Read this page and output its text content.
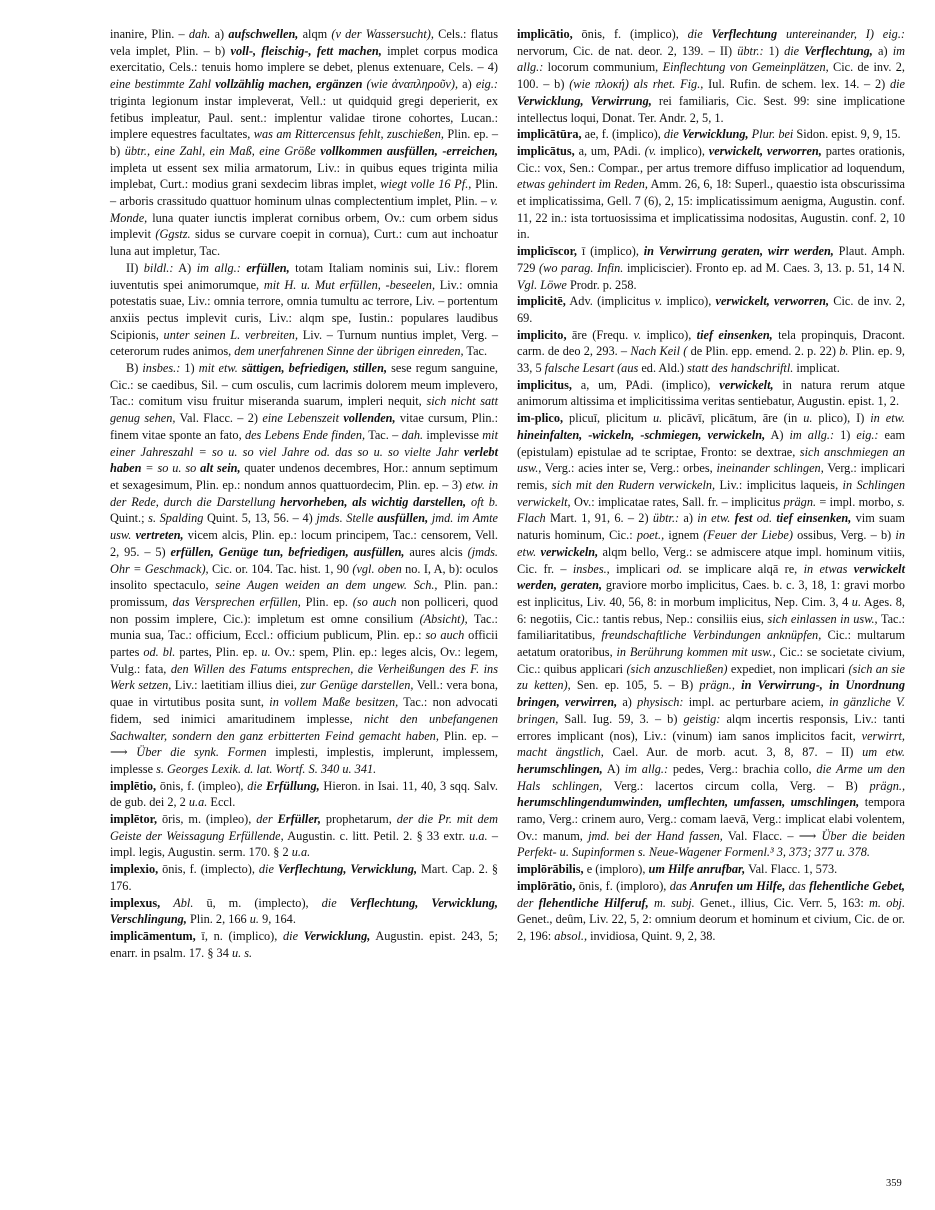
inanire, Plin. – dah. a) aufschwellen, alqm (v der Wassersucht), Cels.: flatus vela implet, Plin. – b) voll-, fleischig-, fett machen, implet corpus modica exercitatio, Cels.: tenuis homo implere se debet, plenus extenuare, Cels. – 4) eine bestimmte Zahl vollzählig machen, ergänzen (wie ἀναπληροῦν), a) eig.: triginta legionum instar impleverat, Vell.: ut quidquid gregi deperierit, ex fetibus impleatur, Paul. sent.: implentur validae tirone cohortes, Lucan.: implere equestres facultates, was am Rittercensus fehlt, zuschießen, Plin. ep. – b) übtr., eine Zahl, ein Maß, eine Größe vollkommen ausfüllen, -erreichen, impleta ut essent sex milia armatorum, Liv.: in quibus eques triginta milia implebat, Curt.: modius grani sexdecim libras implet, wiegt volle 16 Pf., Plin. – arboris crassitudo quattuor hominum ulnas complectentium implet, Plin. – v. Monde, luna quater iunctis implerat cornibus orbem, Ov.: cum orbem sidus implevit (Ggstz. sidus se curvare coepit in cornua), Curt.: cum aut inchoatur luna aut impletur, Tac.

II) bildl.: A) im allg.: erfüllen, totam Italiam nominis sui, Liv.: florem iuventutis spei animorumque, mit H. u. Mut erfüllen, -beseelen, Liv.: omnia potestatis suae, Liv.: omnia terrore, omnia tumultu ac terrore, Liv. – portentum anxiis pectus implevit curis, Liv.: alqm spe, Iustin.: populares laudibus Scipionis, unter seinen L. verbreiten, Liv. – Turnum nuntius implet, Verg. – ceterorum rudes animos, dem unerfahrenen Sinne der übrigen einreden, Tac.

B) insbes.: 1) mit etw. sättigen, befriedigen, stillen, sese regum sanguine, Cic.: se caedibus, Sil. – cum osculis, cum lacrimis dolorem meum implevero, Tac.: comitum visu fruitur miseranda suarum, impleri nequit, sich nicht satt genug sehen, Val. Flacc. – 2) eine Lebenszeit vollenden, vitae cursum, Plin.: finem vitae sponte an fato, des Lebens Ende finden, Tac. – dah. implevisse mit einer Jahreszahl = so u. so viel Jahre od. das so u. so vielte Jahr verlebt haben = so u. so alt sein, quater undenos decembres, Hor.: annum septimum et sexagesimum, Plin. ep.: nondum annos quattuordecim, Plin. ep. – 3) etw. in der Rede, durch die Darstellung hervorheben, als wichtig darstellen, oft b. Quint.; s. Spalding Quint. 5, 13, 56. – 4) jmds. Stelle ausfüllen, jmd. im Amte usw. vertreten, vicem alcis, Plin. ep.: locum principem, Tac.: censorem, Vell. 2, 95. – 5) erfüllen, Genüge tun, befriedigen, ausfüllen, aures alcis (jmds. Ohr = Geschmack), Cic. or. 104. Tac. hist. 1, 90 (vgl. oben no. I, A, b): oculos insolito spectaculo, seine Augen weiden an dem ungew. Sch., Plin. pan.: promissum, das Versprechen erfüllen, Plin. ep. (so auch non polliceri, quod non possim implere, Cic.): impletum est omne consilium (Absicht), Tac.: munia sua, Tac.: officium, Eccl.: officium publicum, Plin. ep.: so auch officii partes od. bl. partes, Plin. ep. u. Ov.: spem, Plin. ep.: leges alcis, Ov.: legem, Vulg.: fata, den Willen des Fatums entsprechen, die Verheißungen des F. ins Werk setzen, Liv.: laetitiam illius diei, zur Genüge darstellen, Vell.: vera bona, quae in virtutibus posita sunt, in vollem Maße besitzen, Tac.: non advocati fidem, sed inimici amaritudinem implesse, nicht den unbefangenen Sachwalter, sondern den ganz erbitterten Feind gemacht haben, Plin. ep. – ⟶ Über die synk. Formen implesti, implestis, implerunt, implessem, implesse s. Georges Lexik. d. lat. Wortf. S. 340 u. 341.

implētio, ōnis, f. (impleo), die Erfüllung, Hieron. in Isai. 11, 40, 3 sqq. Salv. de gub. dei 2, 2 u.a. Eccl.

implētor, ōris, m. (impleo), der Erfüller, prophetarum, der die Pr. mit dem Geiste der Weissagung Erfüllende, Augustin. c. litt. Petil. 2. § 33 extr. u.a. – impl. legis, Augustin. serm. 170. § 2 u.a.

implexio, ōnis, f. (implecto), die Verflechtung, Verwicklung, Mart. Cap. 2. § 176.

implexus, Abl. ū, m. (implecto), die Verflechtung, Verwicklung, Verschlingung, Plin. 2, 166 u. 9, 164.

implicāmentum, ī, n. (implico), die Verwicklung, Augustin. epist. 243, 5; enarr. in psalm. 17. § 34 u. s.

implicātio, ōnis, f. (implico), die Verflechtung untereinander, I) eig.: nervorum, Cic. de nat. deor. 2, 139. – II) übtr.: 1) die Verflechtung, a) im allg.: locorum communium, Einflechtung von Gemeinplätzen, Cic. de inv. 2, 100. – b) (wie πλοκή) als rhet. Fig., Iul. Rufin. de schem. lex. 14. – 2) die Verwicklung, Verwirrung, rei familiaris, Cic. Sest. 99: sine implicatione intellectus loqui, Donat. Ter. Andr. 2, 5, 1.

implicātūra, ae, f. (implico), die Verwicklung, Plur. bei Sidon. epist. 9, 9, 15.

implicātus, a, um, PAdi. (v. implico), verwickelt, verworren, partes orationis, Cic.: vox, Sen.: Compar., per artus tremore diffuso implicatior ad loquendum, etwas gehindert im Reden, Amm. 26, 6, 18: Superl., quaestio ista obscurissima et implicatissima, Gell. 7 (6), 2, 15: implicatissimum aenigma, Augustin. conf. 11, 22 in.: ista tortuosissima et implicatissima nodositas, Augustin. conf. 2, 10 in.

implicīscor, ī (implico), in Verwirrung geraten, wirr werden, Plaut. Amph. 729 (wo parag. Infin. impliciscier). Fronto ep. ad M. Caes. 3, 13. p. 51, 14 N. Vgl. Löwe Prodr. p. 258.

implicitē, Adv. (implicitus v. implico), verwickelt, verworren, Cic. de inv. 2, 69.

implicito, āre (Frequ. v. implico), tief einsenken, tela propinquis, Dracont. carm. de deo 2, 293. – Nach Keil ( de Plin. epp. emend. 2. p. 22) b. Plin. ep. 9, 33, 5 falsche Lesart (aus ed. Ald.) statt des handschriftl. implicat.

implicitus, a, um, PAdi. (implico), verwickelt, in natura rerum atque animorum altissima et implicitissima veritas sentiebatur, Augustin. epist. 1, 2.

im-plico, plicuī, plicitum u. plicāvī, plicātum, āre (in u. plico), I) in etw. hineinfalten, -wickeln, -schmiegen, verwickeln, A) im allg.: 1) eig.: eam (epistulam) epistulae ad te scriptae, Fronto: se dextrae, sich anschmiegen an usw., Verg.: acies inter se, Verg.: orbes, ineinander schlingen, Verg.: implicari remis, sich mit den Rudern verwickeln, Liv.: implicitus laqueis, in Schlingen verwickelt, Ov.: implicatae rates, Sall. fr. – implicitus prägn. = impl. morbo, s. Flach Mart. 1, 91, 6. – 2) übtr.: a) in etw. fest od. tief einsenken, vim suam naturis hominum, Cic.: poet., ignem (Feuer der Liebe) ossibus, Verg. – b) in etw. verwickeln, alqm bello, Verg.: se admiscere atque impl. hominum vitiis, Cic. fr. – insbes., implicari od. se implicare alqā re, in etwas verwickelt werden, geraten, graviore morbo implicitus, Caes. b. c. 3, 18, 1: gravi morbo est inplicitus, Liv. 40, 56, 8: in morbum implicitus, Nep. Cim. 3, 4 u. Ages. 8, 6: negotiis, Cic.: tantis rebus, Nep.: consiliis eius, sich einlassen in usw., Tac.: familiaritatibus, freundschaftliche Verbindungen anknüpfen, Cic.: multarum aetatum oratoribus, in Berührung kommen mit usw., Cic.: se societate civium, Cic.: quibus applicari (sich anzuschließen) expediet, non implicari (sich an sie zu ketten), Sen. ep. 105, 5. – B) prägn., in Verwirrung-, in Unordnung bringen, verwirren, a) physisch: impl. ac perturbare aciem, in gänzliche V. bringen, Sall. Iug. 59, 3. – b) geistig: alqm incertis responsis, Liv.: tanti errores implicant (nos), Liv.: (vinum) iam sanos implicitos facit, verwirrt, macht ängstlich, Cael. Aur. de morb. acut. 3, 8, 87. – II) um etw. herumschlingen, A) im allg.: pedes, Verg.: brachia collo, die Arme um den Hals schlingen, Verg.: lacertos circum colla, Verg. – B) prägn., herumschlingendumwinden, umflechten, umfassen, umschlingen, tempora ramo, Verg.: crinem auro, Verg.: comam laevā, Verg.: implicat elabi volentem, Ov.: manum, jmd. bei der Hand fassen, Val. Flacc. – ⟶ Über die beiden Perfekt- u. Supinformen s. Neue-Wagener Formenl.³ 3, 373; 377 u. 378.

implōrābilis, e (imploro), um Hilfe anrufbar, Val. Flacc. 1, 573.

implōrātio, ōnis, f. (imploro), das Anrufen um Hilfe, das flehentliche Gebet, der flehentliche Hilferuf, m. subj. Genet., illius, Cic. Verr. 5, 163: m. obj. Genet., deûm, Liv. 22, 5, 2: omnium deorum et hominum et civium, Cic. de or. 2, 196: absol., invidiosa, Quint. 9, 2, 38.

359
